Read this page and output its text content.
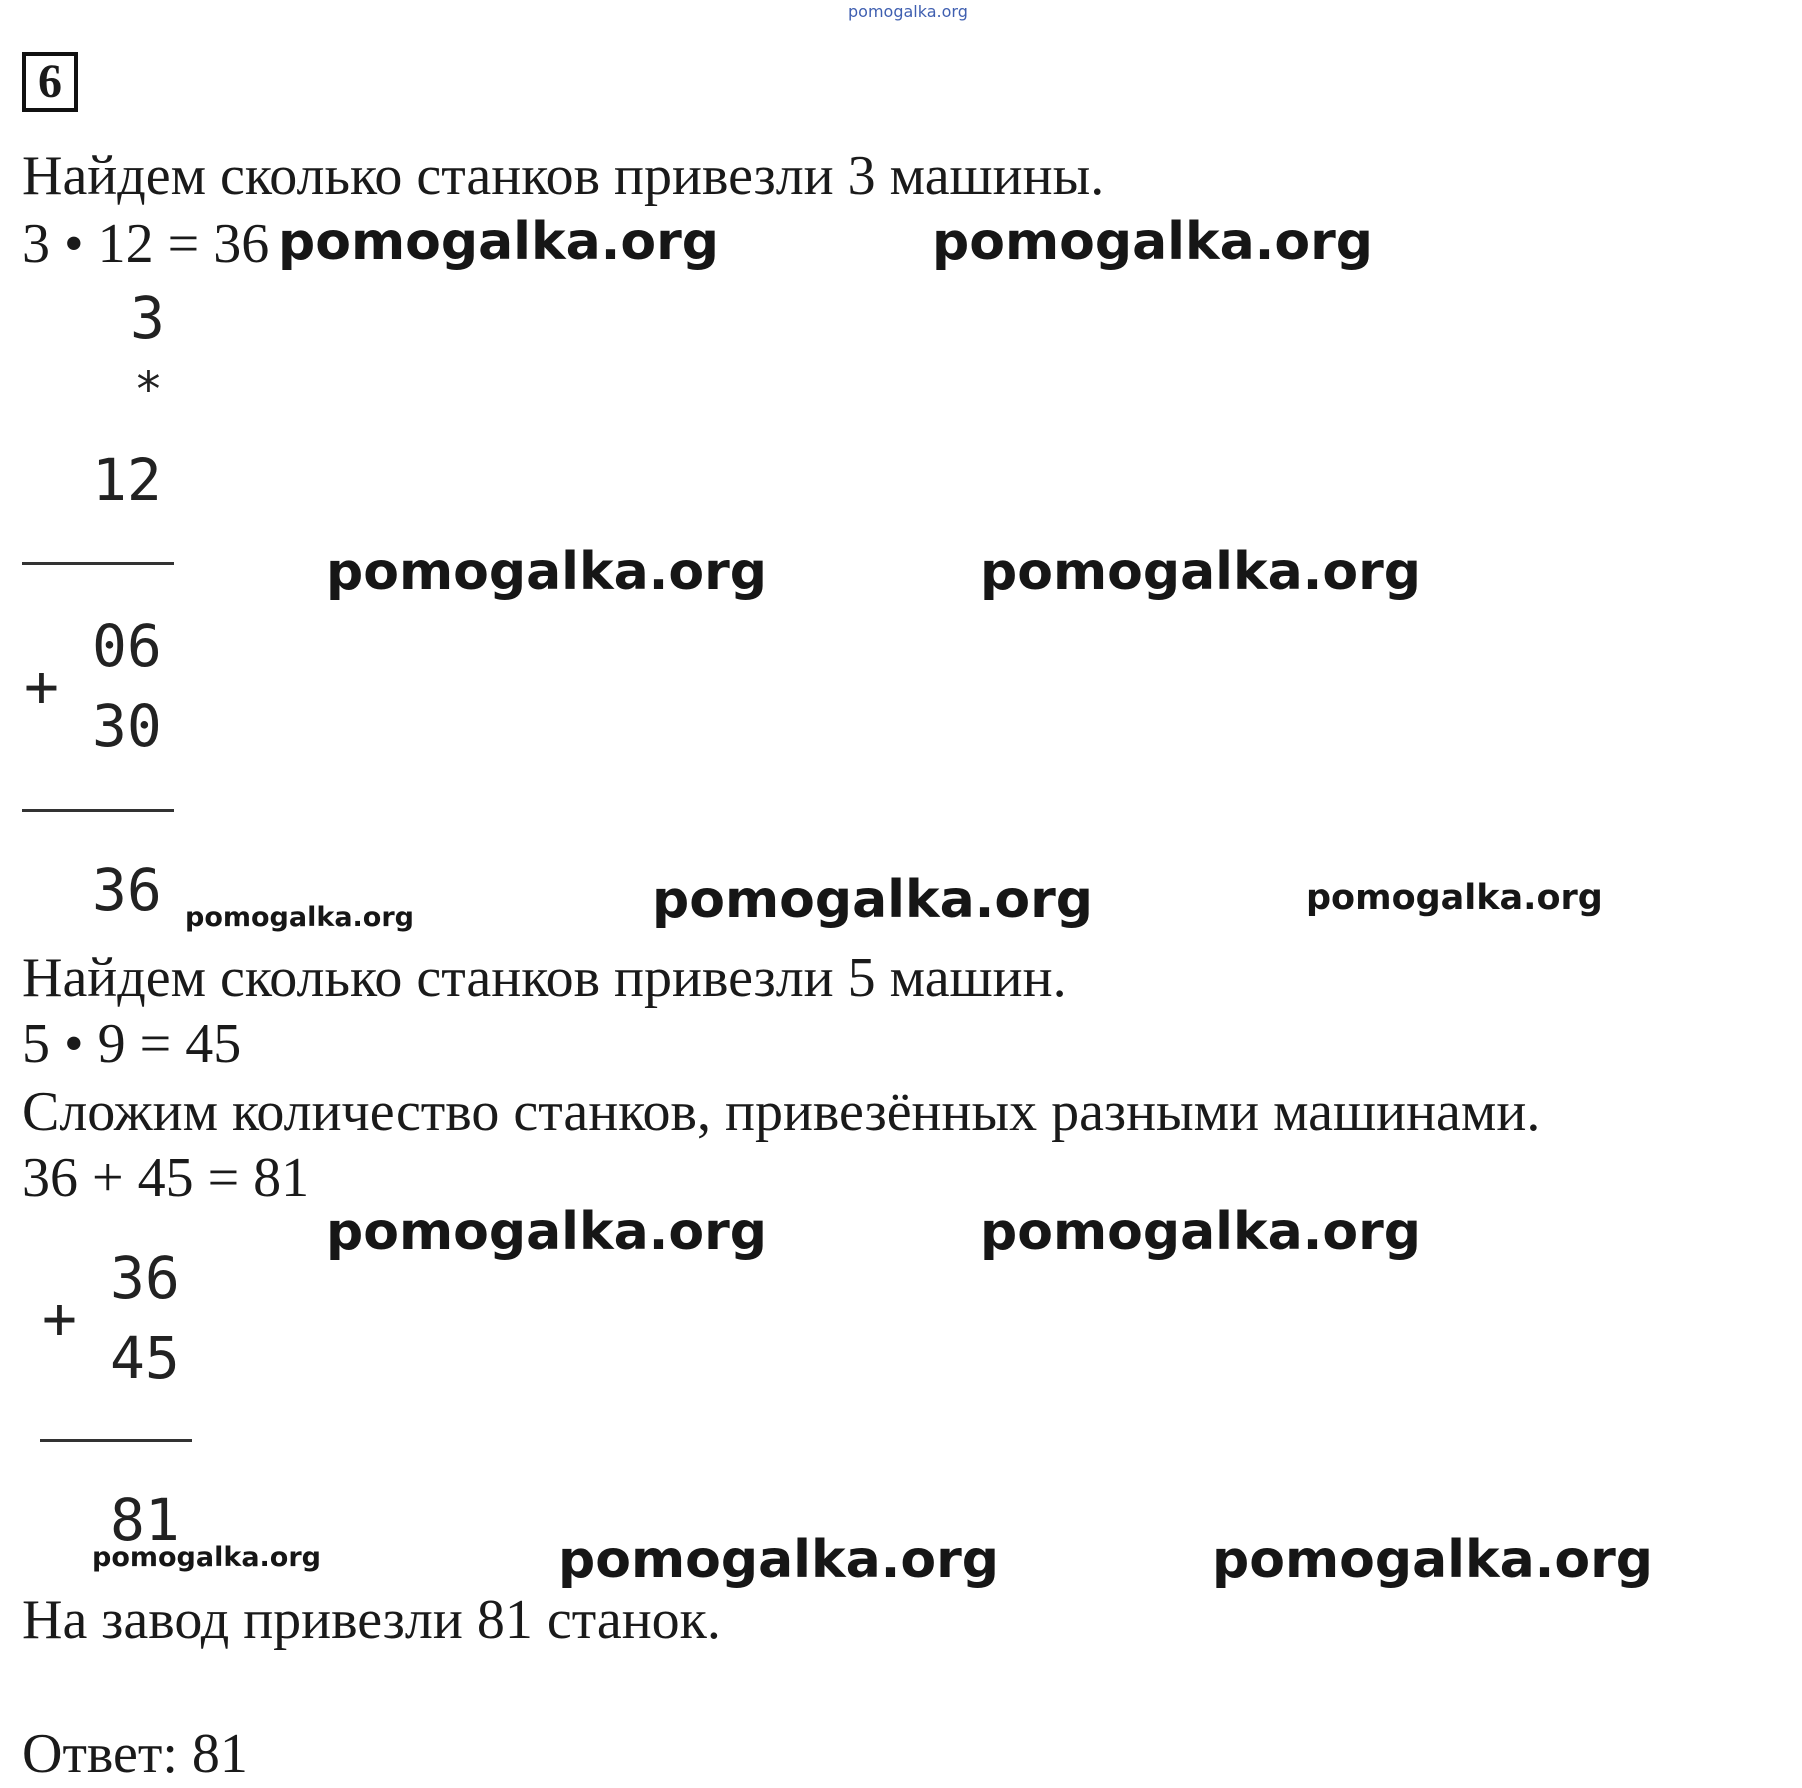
pomogalka.org
6
Найдем сколько станков привезли 3 машины.
3 • 12 = 36 pomogalka.org	pomogalka.org
3
*
12
pomogalka.org	pomogalka.org
+
06
30
36 pomogalka.org	pomogalka.org	pomogalka.org
Найдем сколько станков привезли 5 машин.
5 • 9 = 45
Сложим количество станков, привезённых разными машинами.
36 + 45 = 81
pomogalka.org	pomogalka.org
+
36
45
81
pomogalka.org	pomogalka.org	pomogalka.org
На завод привезли 81 станок.
Ответ: 81
